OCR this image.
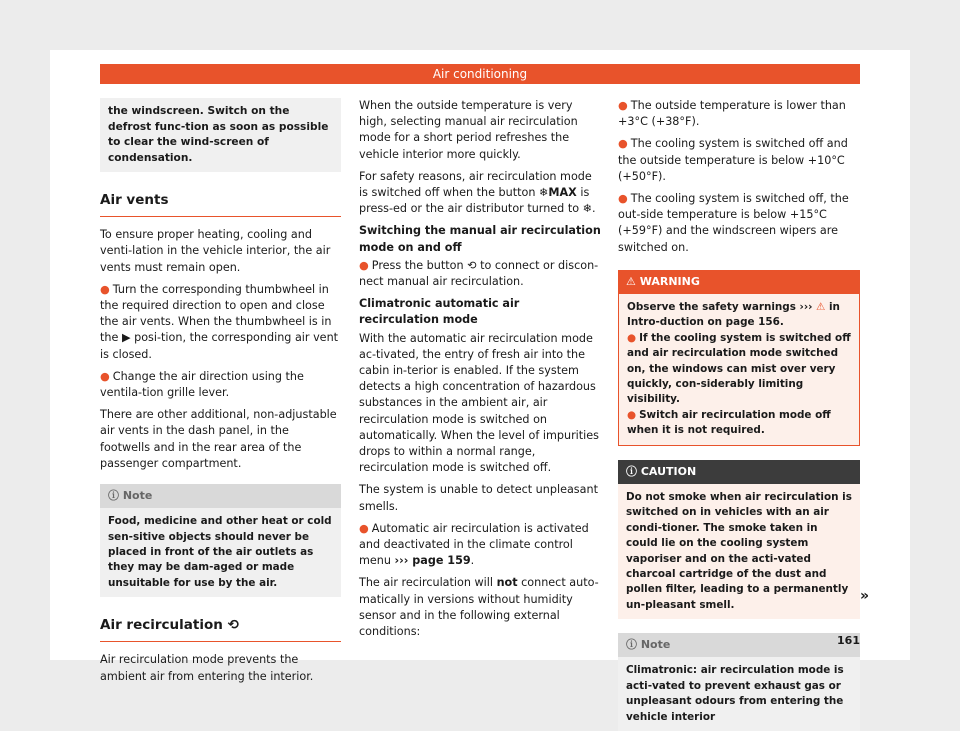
Air conditioning
the windscreen. Switch on the defrost func-tion as soon as possible to clear the wind-screen of condensation.
Air vents

To ensure proper heating, cooling and venti-lation in the vehicle interior, the air vents must remain open.

● Turn the corresponding thumbwheel in the required direction to open and close the air vents. When the thumbwheel is in the ▶ posi-tion, the corresponding air vent is closed.

● Change the air direction using the ventila-tion grille lever.

There are other additional, non-adjustable air vents in the dash panel, in the footwells and in the rear area of the passenger compartment.

ⓘ Note
Food, medicine and other heat or cold sen-sitive objects should never be placed in front of the air outlets as they may be dam-aged or made unsuitable for use by the air.
Air recirculation ⟲

Air recirculation mode prevents the ambient air from entering the interior.

When the outside temperature is very high, selecting manual air recirculation mode for a short period refreshes the vehicle interior more quickly.

For safety reasons, air recirculation mode is switched off when the button ❄MAX is press-ed or the air distributor turned to ❄.

Switching the manual air recirculation mode on and off

● Press the button ⟲ to connect or discon-nect manual air recirculation.

Climatronic automatic air recirculation mode

With the automatic air recirculation mode ac-tivated, the entry of fresh air into the cabin in-terior is enabled. If the system detects a high concentration of hazardous substances in the ambient air, air recirculation mode is switched on automatically. When the level of impurities drops to within a normal range, recirculation mode is switched off.

The system is unable to detect unpleasant smells.

● Automatic air recirculation is activated and deactivated in the climate control menu ››› page 159.

The air recirculation will not connect auto-matically in versions without humidity sensor and in the following external conditions:

● The outside temperature is lower than +3°C (+38°F).

● The cooling system is switched off and the outside temperature is below +10°C (+50°F).

● The cooling system is switched off, the out-side temperature is below +15°C (+59°F) and the windscreen wipers are switched on.

⚠ WARNING
Observe the safety warnings ››› ⚠ in Intro-duction on page 156.
● If the cooling system is switched off and air recirculation mode switched on, the windows can mist over very quickly, con-siderably limiting visibility.
● Switch air recirculation mode off when it is not required.
ⓘ CAUTION
Do not smoke when air recirculation is switched on in vehicles with an air condi-tioner. The smoke taken in could lie on the cooling system vaporiser and on the acti-vated charcoal cartridge of the dust and pollen filter, leading to a permanently un-pleasant smell.
ⓘ Note
Climatronic: air recirculation mode is acti-vated to prevent exhaust gas or unpleasant odours from entering the vehicle interior
»
161
